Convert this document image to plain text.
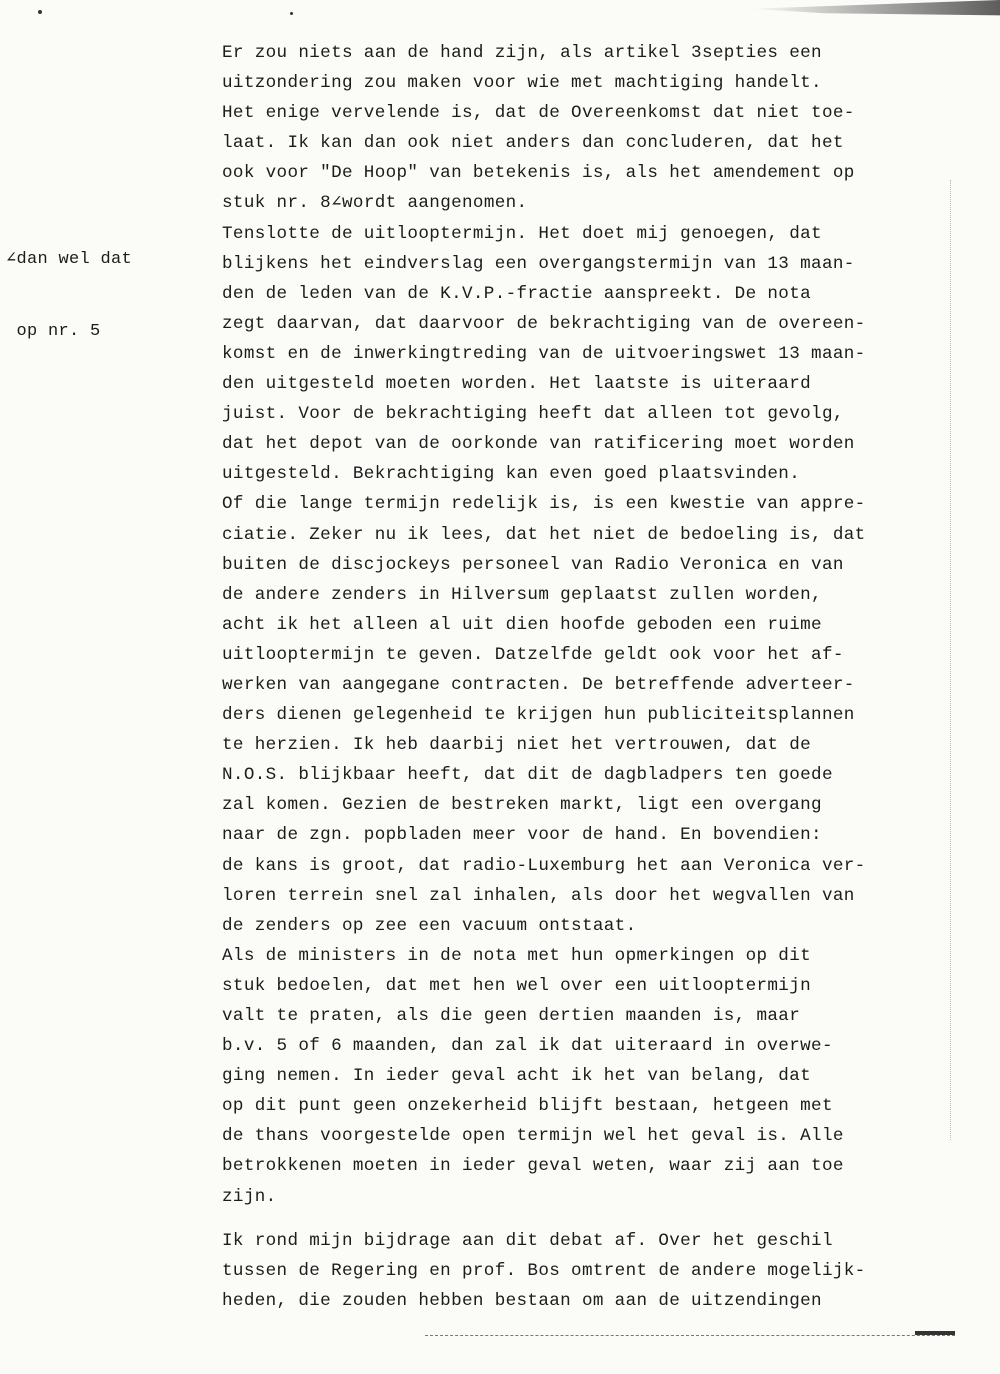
∠dan wel dat

op nr. 5

Er zou niets aan de hand zijn, als artikel 3septies een
uitzondering zou maken voor wie met machtiging handelt.
Het enige vervelende is, dat de Overeenkomst dat niet toe-
laat. Ik kan dan ook niet anders dan concluderen, dat het
ook voor "De Hoop" van betekenis is, als het amendement op
stuk nr. 8∠wordt aangenomen.
Tenslotte de uitlooptermijn. Het doet mij genoegen, dat
blijkens het eindverslag een overgangstermijn van 13 maan-
den de leden van de K.V.P.-fractie aanspreekt. De nota
zegt daarvan, dat daarvoor de bekrachtiging van de overeen-
komst en de inwerkingtreding van de uitvoeringswet 13 maan-
den uitgesteld moeten worden. Het laatste is uiteraard
juist. Voor de bekrachtiging heeft dat alleen tot gevolg,
dat het depot van de oorkonde van ratificering moet worden
uitgesteld. Bekrachtiging kan even goed plaatsvinden.
Of die lange termijn redelijk is, is een kwestie van appre-
ciatie. Zeker nu ik lees, dat het niet de bedoeling is, dat
buiten de discjockeys personeel van Radio Veronica en van
de andere zenders in Hilversum geplaatst zullen worden,
acht ik het alleen al uit dien hoofde geboden een ruime
uitlooptermijn te geven. Datzelfde geldt ook voor het af-
werken van aangegane contracten. De betreffende adverteer-
ders dienen gelegenheid te krijgen hun publiciteitsplannen
te herzien. Ik heb daarbij niet het vertrouwen, dat de
N.O.S. blijkbaar heeft, dat dit de dagbladpers ten goede
zal komen. Gezien de bestreken markt, ligt een overgang
naar de zgn. popbladen meer voor de hand. En bovendien:
de kans is groot, dat radio-Luxemburg het aan Veronica ver-
loren terrein snel zal inhalen, als door het wegvallen van
de zenders op zee een vacuum ontstaat.
Als de ministers in de nota met hun opmerkingen op dit
stuk bedoelen, dat met hen wel over een uitlooptermijn
valt te praten, als die geen dertien maanden is, maar
b.v. 5 of 6 maanden, dan zal ik dat uiteraard in overwe-
ging nemen. In ieder geval acht ik het van belang, dat
op dit punt geen onzekerheid blijft bestaan, hetgeen met
de thans voorgestelde open termijn wel het geval is. Alle
betrokkenen moeten in ieder geval weten, waar zij aan toe
zijn.
Ik rond mijn bijdrage aan dit debat af. Over het geschil
tussen de Regering en prof. Bos omtrent de andere mogelijk-
heden, die zouden hebben bestaan om aan de uitzendingen
